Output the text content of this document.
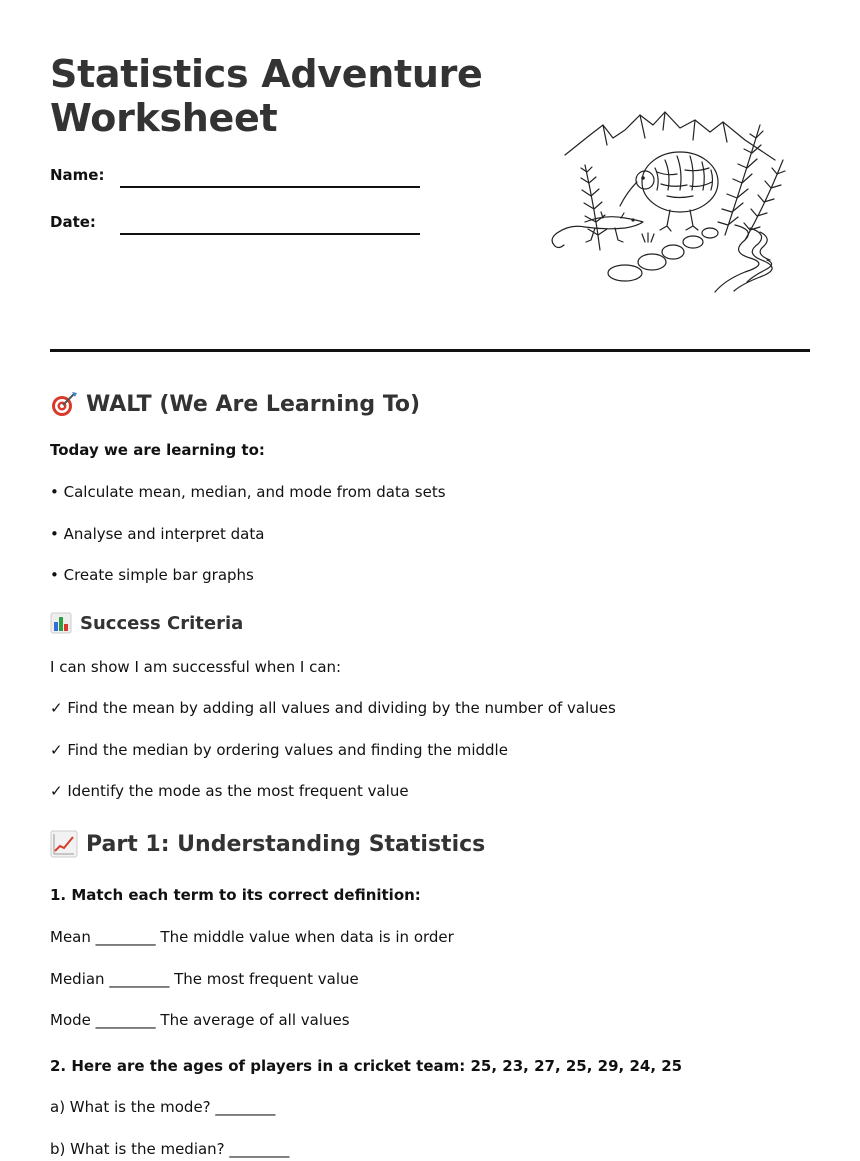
Statistics Adventure
Worksheet
Name:
Date:
WALT (We Are Learning To)

Today we are learning to:

• Calculate mean, median, and mode from data sets

• Analyse and interpret data

• Create simple bar graphs

Success Criteria

I can show I am successful when I can:

✓ Find the mean by adding all values and dividing by the number of values

✓ Find the median by ordering values and finding the middle

✓ Identify the mode as the most frequent value

Part 1: Understanding Statistics

1. Match each term to its correct definition:

Mean ________ The middle value when data is in order

Median ________ The most frequent value

Mode ________ The average of all values

2. Here are the ages of players in a cricket team: 25, 23, 27, 25, 29, 24, 25

a) What is the mode? ________

b) What is the median? ________
